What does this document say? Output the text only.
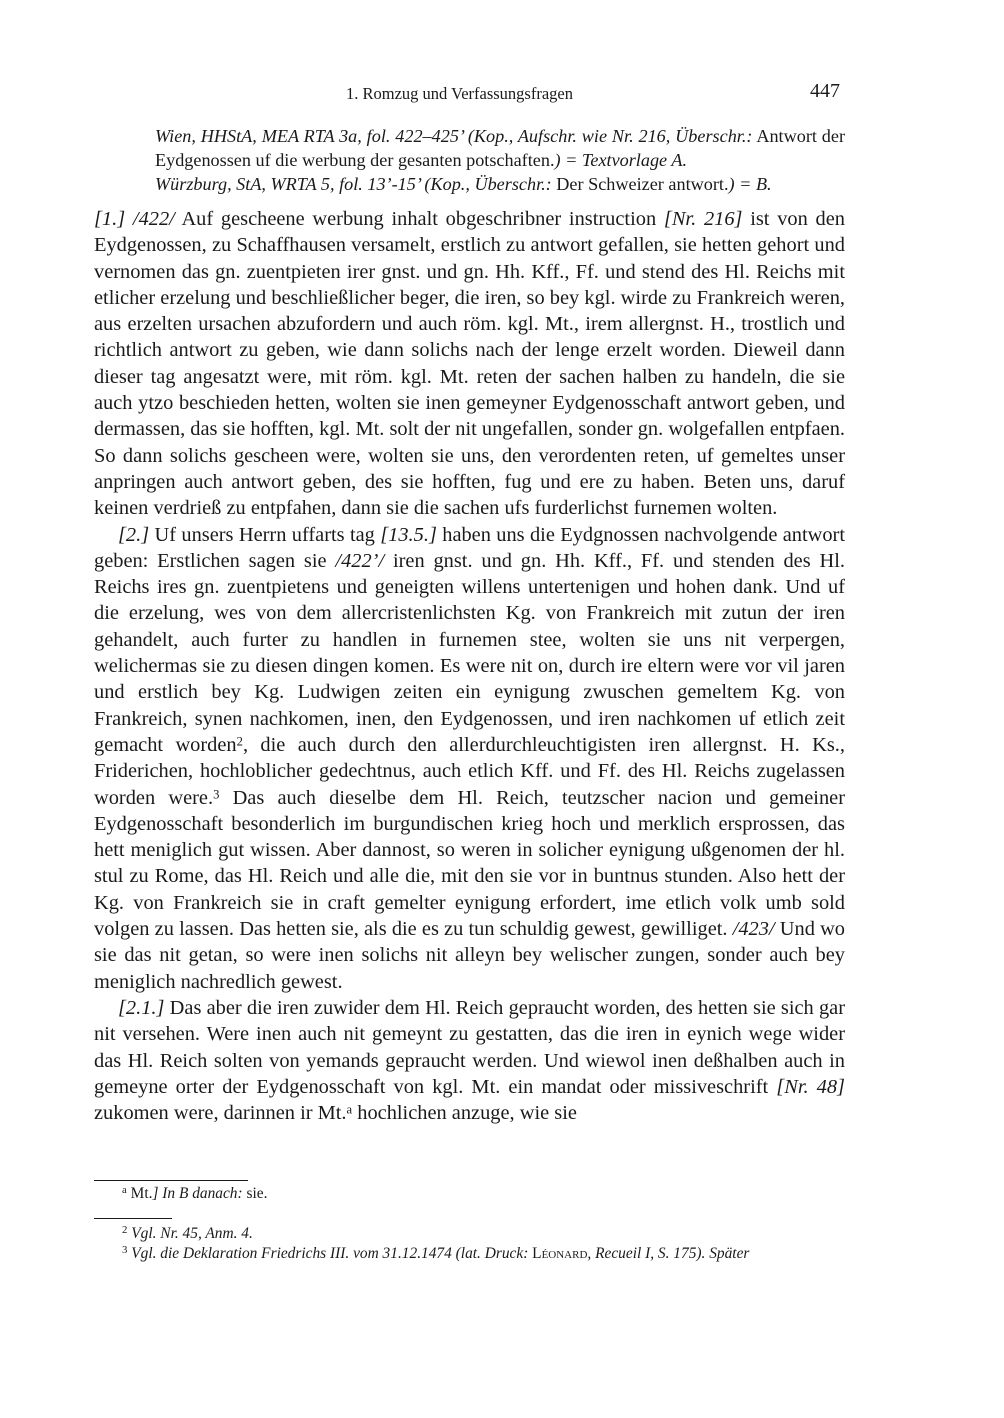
1. Romzug und Verfassungsfragen	447

Wien, HHStA, MEA RTA 3a, fol. 422–425’ (Kop., Aufschr. wie Nr. 216, Überschr.: Antwort der Eydgenossen uf die werbung der gesanten potschaften.) = Textvorlage A.

Würzburg, StA, WRTA 5, fol. 13’-15’ (Kop., Überschr.: Der Schweizer antwort.) = B.

[1.] /422/ Auf gescheene werbung inhalt obgeschribner instruction [Nr. 216] ist von den Eydgenossen, zu Schaffhausen versamelt, erstlich zu antwort gefallen, sie hetten gehort und vernomen das gn. zuentpieten irer gnst. und gn. Hh. Kff., Ff. und stend des Hl. Reichs mit etlicher erzelung und beschließlicher beger, die iren, so bey kgl. wirde zu Frankreich weren, aus erzelten ursachen abzufordern und auch röm. kgl. Mt., irem allergnst. H., trostlich und richtlich antwort zu geben, wie dann solichs nach der lenge erzelt worden. Dieweil dann dieser tag angesatzt were, mit röm. kgl. Mt. reten der sachen halben zu handeln, die sie auch ytzo beschieden hetten, wolten sie inen gemeyner Eydgenosschaft antwort geben, und dermassen, das sie hofften, kgl. Mt. solt der nit ungefallen, sonder gn. wolgefallen entpfaen. So dann solichs gescheen were, wolten sie uns, den verordenten reten, uf gemeltes unser anpringen auch antwort geben, des sie hofften, fug und ere zu haben. Beten uns, daruf keinen verdrieß zu entpfahen, dann sie die sachen ufs furderlichst furnemen wolten.

[2.] Uf unsers Herrn uffarts tag [13.5.] haben uns die Eydgnossen nachvolgende antwort geben: Erstlichen sagen sie /422’/ iren gnst. und gn. Hh. Kff., Ff. und stenden des Hl. Reichs ires gn. zuentpietens und geneigten willens untertenigen und hohen dank. Und uf die erzelung, wes von dem allercristenlichsten Kg. von Frankreich mit zutun der iren gehandelt, auch furter zu handlen in furnemen stee, wolten sie uns nit verpergen, welichermas sie zu diesen dingen komen. Es were nit on, durch ire eltern were vor vil jaren und erstlich bey Kg. Ludwigen zeiten ein eynigung zwuschen gemeltem Kg. von Frankreich, synen nachkomen, inen, den Eydgenossen, und iren nachkomen uf etlich zeit gemacht worden$^2$, die auch durch den allerdurchleuchtigisten iren allergnst. H. Ks., Friderichen, hochloblicher gedechtnus, auch etlich Kff. und Ff. des Hl. Reichs zugelassen worden were.$^3$ Das auch dieselbe dem Hl. Reich, teutzscher nacion und gemeiner Eydgenosschaft besonderlich im burgundischen krieg hoch und merklich ersprossen, das hett meniglich gut wissen. Aber dannost, so weren in solicher eynigung ußgenomen der hl. stul zu Rome, das Hl. Reich und alle die, mit den sie vor in buntnus stunden. Also hett der Kg. von Frankreich sie in craft gemelter eynigung erfordert, ime etlich volk umb sold volgen zu lassen. Das hetten sie, als die es zu tun schuldig gewest, gewilliget. /423/ Und wo sie das nit getan, so were inen solichs nit alleyn bey welischer zungen, sonder auch bey meniglich nachredlich gewest.

[2.1.] Das aber die iren zuwider dem Hl. Reich gepraucht worden, des hetten sie sich gar nit versehen. Were inen auch nit gemeynt zu gestatten, das die iren in eynich wege wider das Hl. Reich solten von yemands gepraucht werden. Und wiewol inen deßhalben auch in gemeyne orter der Eydgenosschaft von kgl. Mt. ein mandat oder missiveschrift [Nr. 48] zukomen were, darinnen ir Mt.$^a$ hochlichen anzuge, wie sie

$^a$ Mt.] In B danach: sie.
$^2$ Vgl. Nr. 45, Anm. 4.
$^3$ Vgl. die Deklaration Friedrichs III. vom 31.12.1474 (lat. Druck: Léonard, Recueil I, S. 175). Später
